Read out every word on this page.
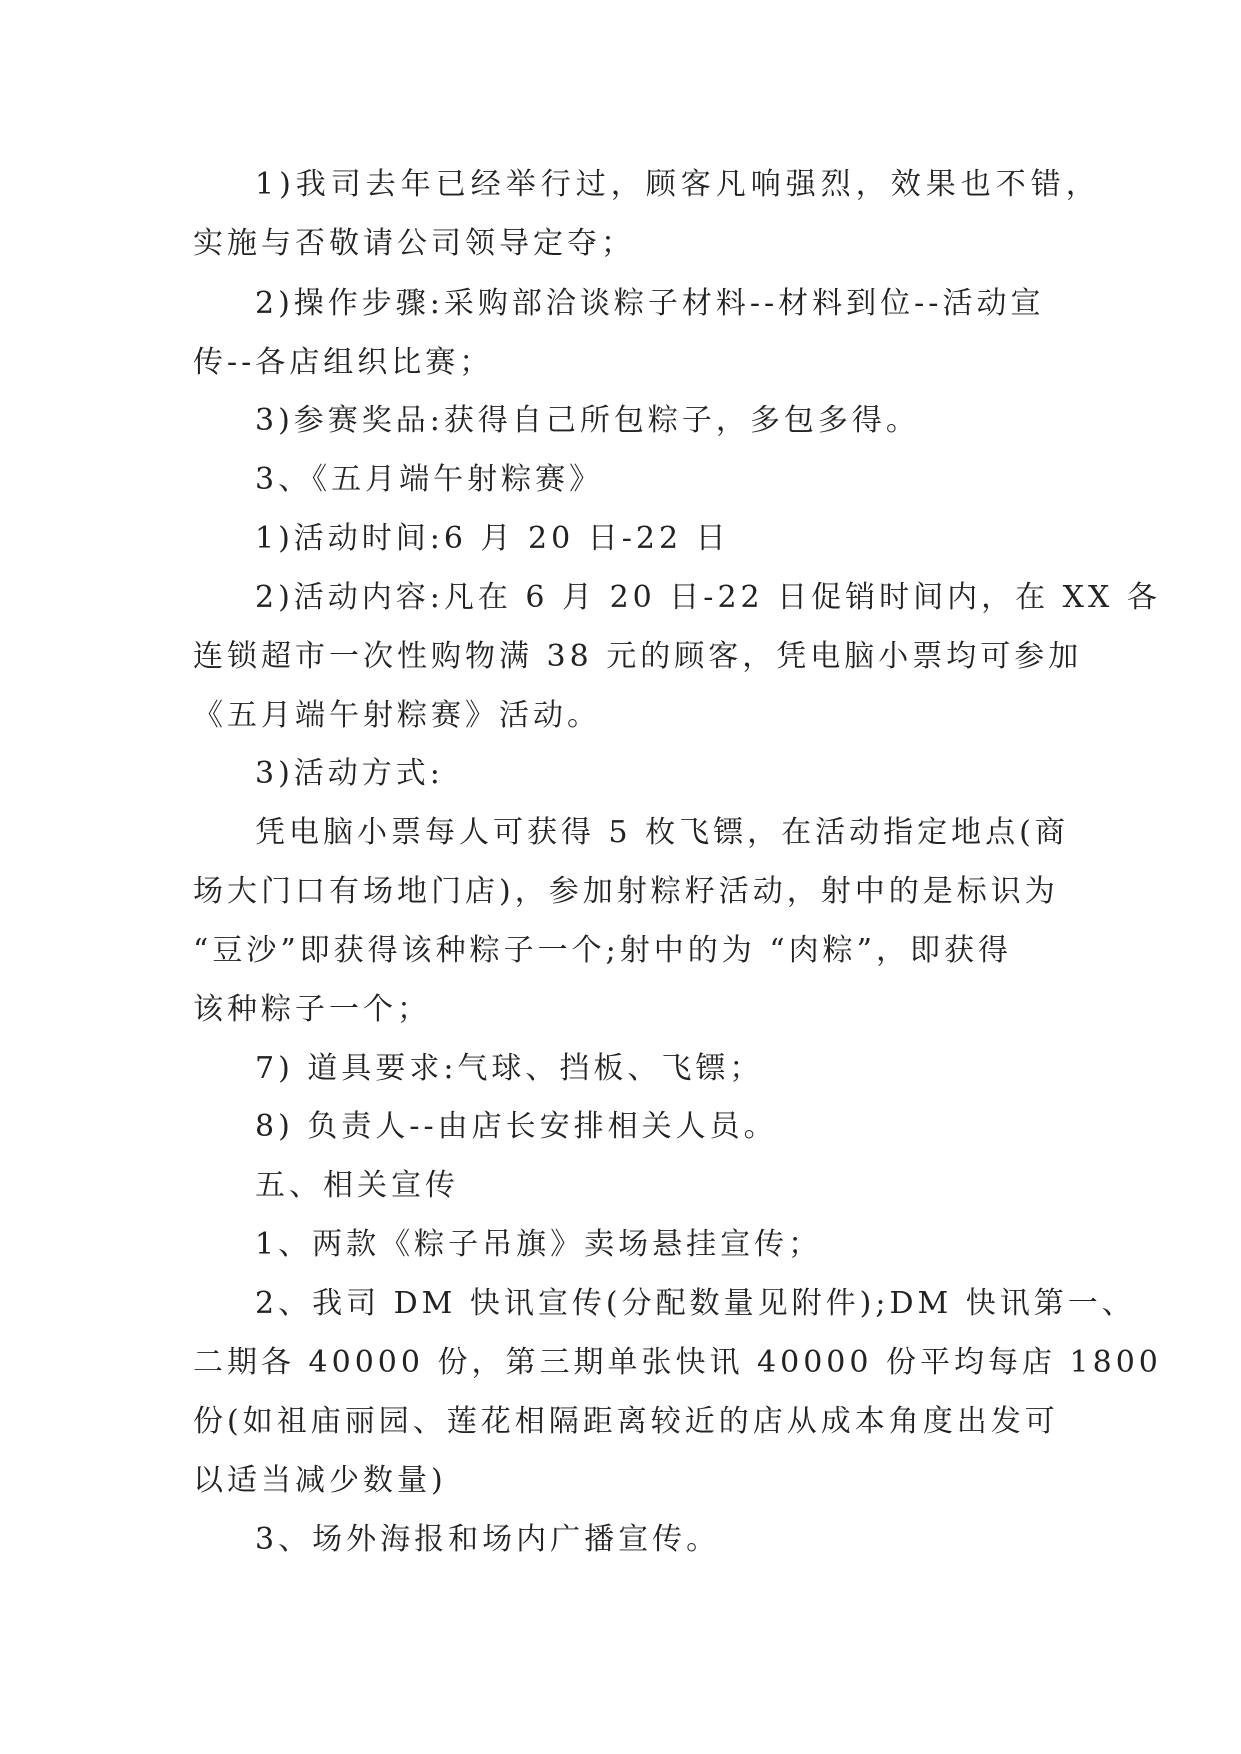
1)我司去年已经举行过，顾客凡响强烈，效果也不错，
实施与否敬请公司领导定夺；
2)操作步骤:采购部洽谈粽子材料--材料到位--活动宣
传--各店组织比赛；
3)参赛奖品:获得自己所包粽子，多包多得。
3、《五月端午射粽赛》
1)活动时间:6 月 20 日-22 日
2)活动内容:凡在 6 月 20 日-22 日促销时间内，在 XX 各
连锁超市一次性购物满 38 元的顾客，凭电脑小票均可参加
《五月端午射粽赛》活动。
3)活动方式:
凭电脑小票每人可获得 5 枚飞镖，在活动指定地点(商
场大门口有场地门店)，参加射粽籽活动，射中的是标识为
“豆沙”即获得该种粽子一个;射中的为 “肉粽”，即获得
该种粽子一个；
7) 道具要求:气球、挡板、飞镖；
8) 负责人--由店长安排相关人员。
五、相关宣传
1、两款《粽子吊旗》卖场悬挂宣传；
2、我司 DM 快讯宣传(分配数量见附件);DM 快讯第一、
二期各 40000 份，第三期单张快讯 40000 份平均每店 1800
份(如祖庙丽园、莲花相隔距离较近的店从成本角度出发可
以适当减少数量)
3、场外海报和场内广播宣传。
